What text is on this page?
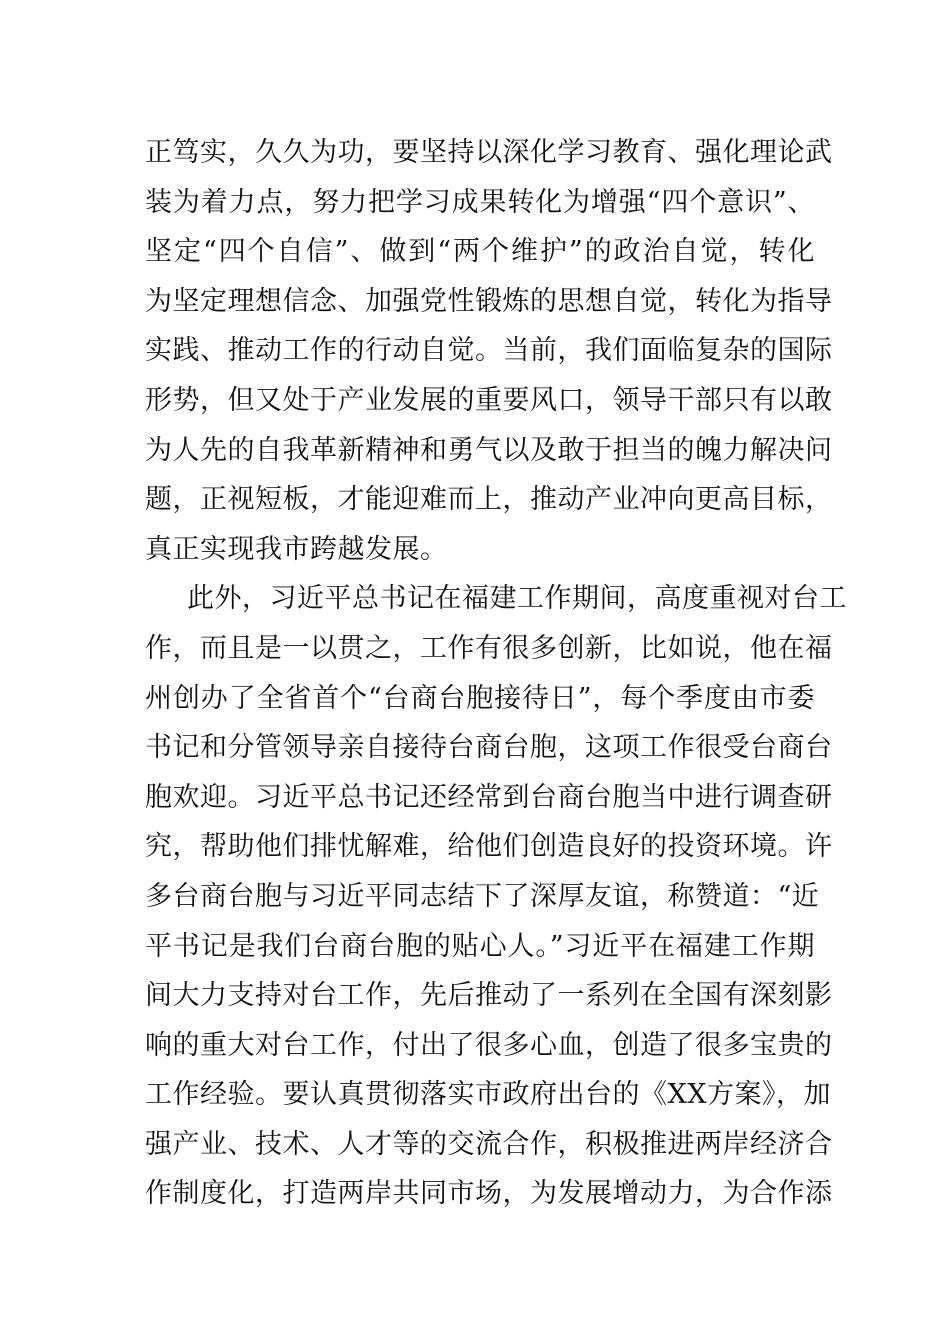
正笃实，久久为功，要坚持以深化学习教育、强化理论武
装为着力点，努力把学习成果转化为增强“四个意识”、
坚定“四个自信”、做到“两个维护”的政治自觉，转化
为坚定理想信念、加强党性锻炼的思想自觉，转化为指导
实践、推动工作的行动自觉。当前，我们面临复杂的国际
形势，但又处于产业发展的重要风口，领导干部只有以敢
为人先的自我革新精神和勇气以及敢于担当的魄力解决问
题，正视短板，才能迎难而上，推动产业冲向更高目标，
真正实现我市跨越发展。
此外，习近平总书记在福建工作期间，高度重视对台工
作，而且是一以贯之，工作有很多创新，比如说，他在福
州创办了全省首个“台商台胞接待日”，每个季度由市委
书记和分管领导亲自接待台商台胞，这项工作很受台商台
胞欢迎。习近平总书记还经常到台商台胞当中进行调查研
究，帮助他们排忧解难，给他们创造良好的投资环境。许
多台商台胞与习近平同志结下了深厚友谊，称赞道：“近
平书记是我们台商台胞的贴心人。”习近平在福建工作期
间大力支持对台工作，先后推动了一系列在全国有深刻影
响的重大对台工作，付出了很多心血，创造了很多宝贵的
工作经验。要认真贯彻落实市政府出台的《XX方案》，加
强产业、技术、人才等的交流合作，积极推进两岸经济合
作制度化，打造两岸共同市场，为发展增动力，为合作添
